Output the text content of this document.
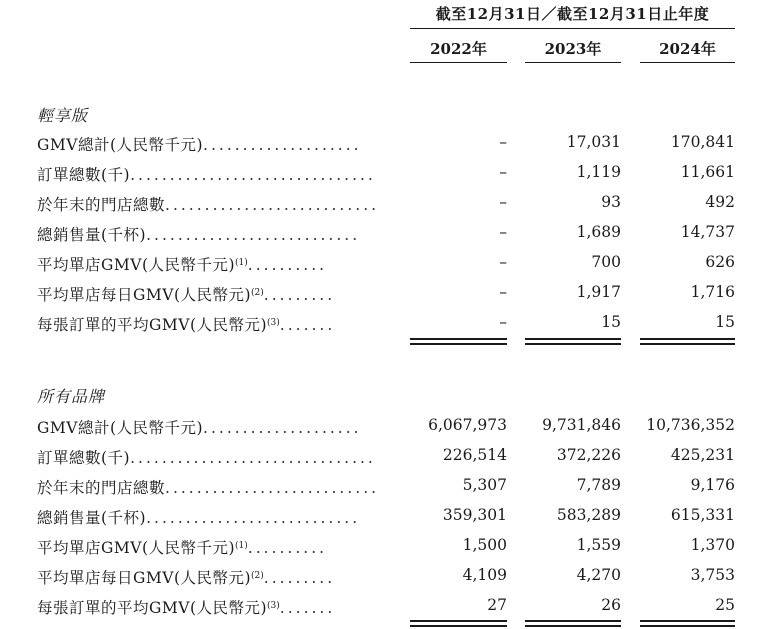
截至12月31日／截至12月31日止年度
2022年	2023年	2024年
輕享版
GMV總計(人民幣千元)....................	–	17,031	170,841
訂單總數(千)...............................	–	1,119	11,661
於年末的門店總數...........................	–	93	492
總銷售量(千杯)...........................	–	1,689	14,737
平均單店GMV(人民幣千元)$^{(1)}$..........	–	700	626
平均單店每日GMV(人民幣元)$^{(2)}$.........	–	1,917	1,716
每張訂單的平均GMV(人民幣元)$^{(3)}$.......	–	15	15
所有品牌
GMV總計(人民幣千元)....................	6,067,973	9,731,846	10,736,352
訂單總數(千)...............................	226,514	372,226	425,231
於年末的門店總數...........................	5,307	7,789	9,176
總銷售量(千杯)...........................	359,301	583,289	615,331
平均單店GMV(人民幣千元)$^{(1)}$..........	1,500	1,559	1,370
平均單店每日GMV(人民幣元)$^{(2)}$.........	4,109	4,270	3,753
每張訂單的平均GMV(人民幣元)$^{(3)}$.......	27	26	25
